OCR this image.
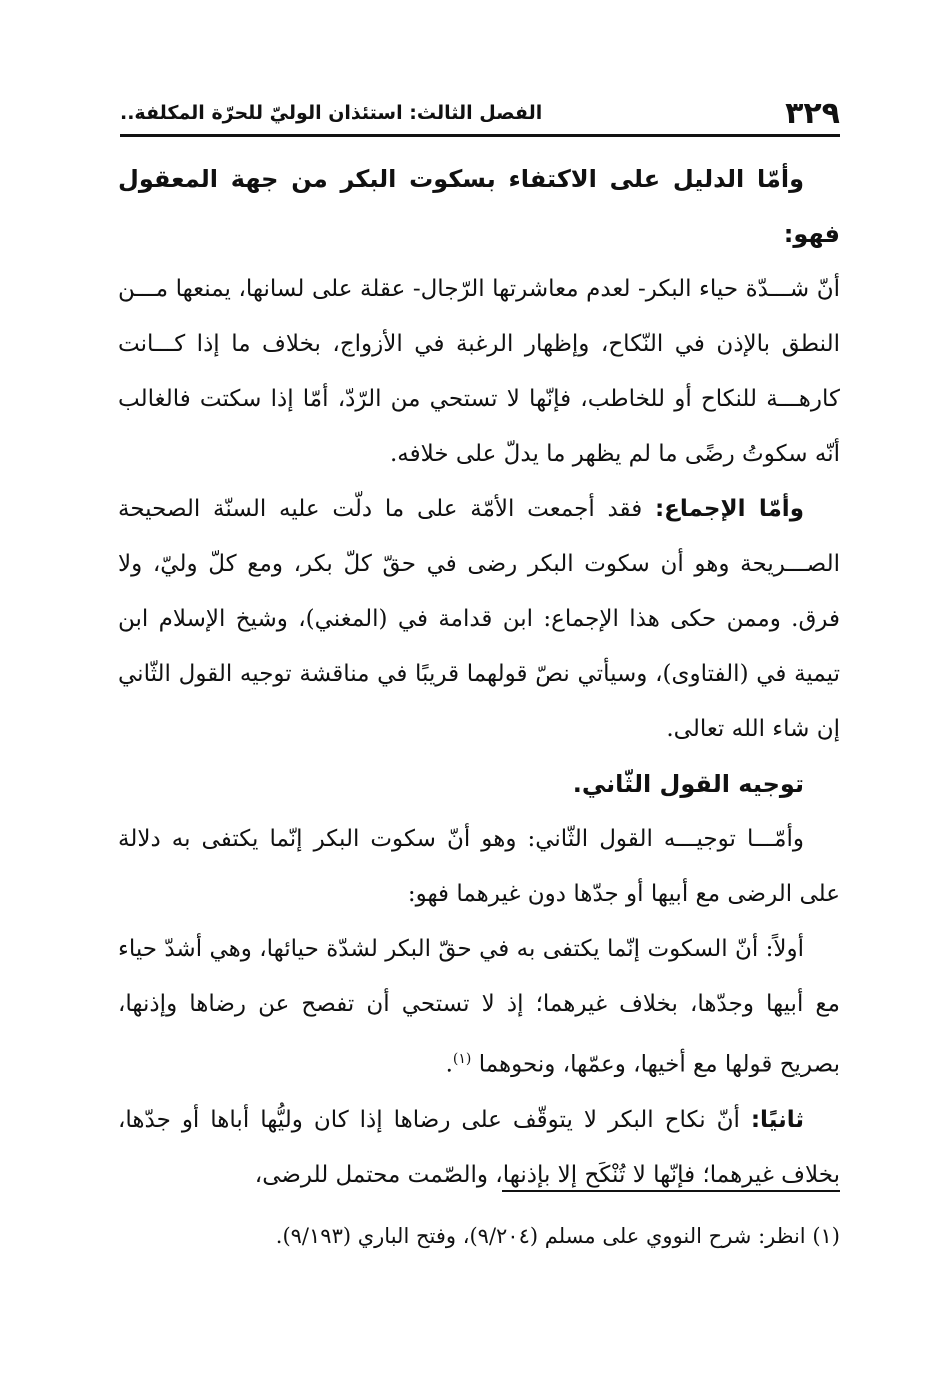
٣٢٩
الفصل الثالث: استئذان الوليّ للحرّة المكلفة..

وأمّا الدليل على الاكتفاء بسكوت البكر من جهة المعقول فهو:

أنّ شـــدّة حياء البكر- لعدم معاشرتها الرّجال- عقلة على لسانها، يمنعها مـــن النطق بالإذن في النّكاح، وإظهار الرغبة في الأزواج، بخلاف ما إذا كـــانت كارهـــة للنكاح أو للخاطب، فإنّها لا تستحي من الرّدّ، أمّا إذا سكتت فالغالب أنّه سكوتُ رضًى ما لم يظهر ما يدلّ على خلافه.

وأمّا الإجماع: فقد أجمعت الأمّة على ما دلّت عليه السنّة الصحيحة الصـــريحة وهو أن سكوت البكر رضى في حقّ كلّ بكر، ومع كلّ وليّ، ولا فرق. وممن حكى هذا الإجماع: ابن قدامة في (المغني)، وشيخ الإسلام ابن تيمية في (الفتاوى)، وسيأتي نصّ قولهما قريبًا في مناقشة توجيه القول الثّاني إن شاء الله تعالى.

توجيه القول الثّاني.

وأمّـــا توجيـــه القول الثّاني: وهو أنّ سكوت البكر إنّما يكتفى به دلالة على الرضى مع أبيها أو جدّها دون غيرهما فهو:

أولاً: أنّ السكوت إنّما يكتفى به في حقّ البكر لشدّة حيائها، وهي أشدّ حياء مع أبيها وجدّها، بخلاف غيرهما؛ إذ لا تستحي أن تفصح عن رضاها وإذنها، بصريح قولها مع أخيها، وعمّها، ونحوهما $^{(١)}$.

ثانيًا: أنّ نكاح البكر لا يتوقّف على رضاها إذا كان وليُّها أباها أو جدّها، بخلاف غيرهما؛ فإنّها لا تُنْكَح إلا بإذنها، والصّمت محتمل للرضى،

(١) انظر: شرح النووي على مسلم (٩/٢٠٤)، وفتح الباري (٩/١٩٣).
